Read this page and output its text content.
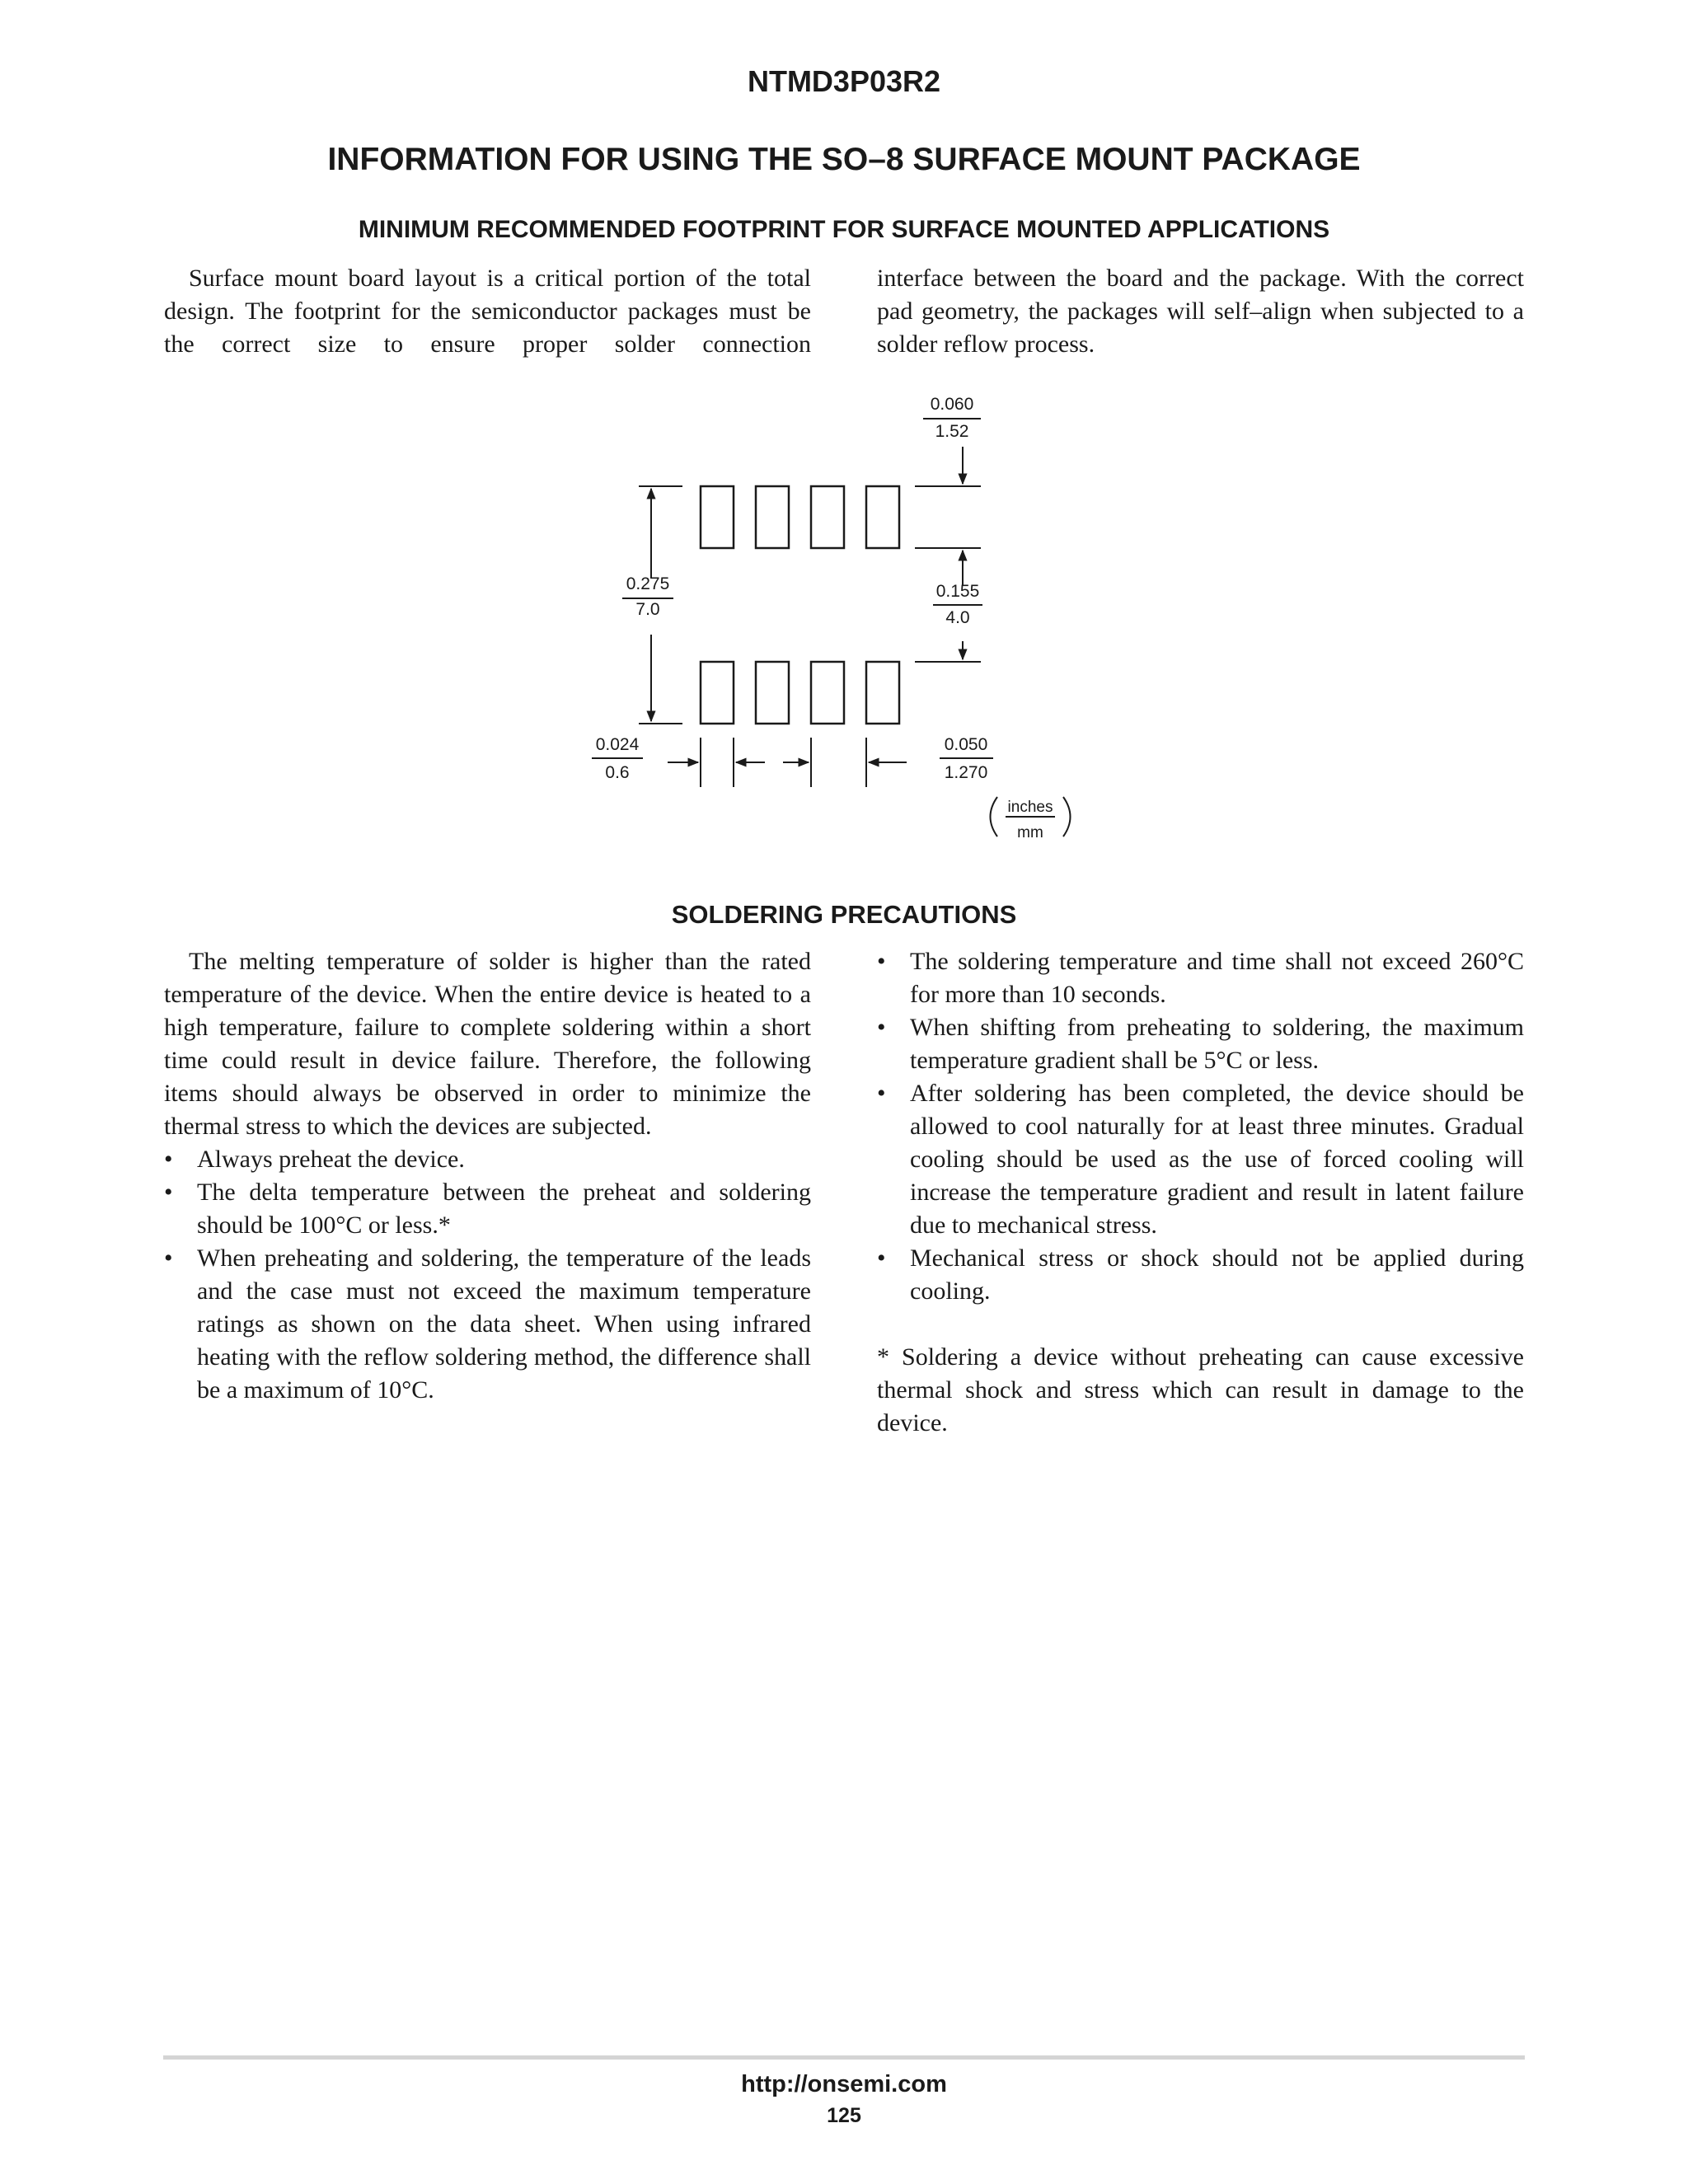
NTMD3P03R2
INFORMATION FOR USING THE SO–8 SURFACE MOUNT PACKAGE
MINIMUM RECOMMENDED FOOTPRINT FOR SURFACE MOUNTED APPLICATIONS

Surface mount board layout is a critical portion of the total design. The footprint for the semiconductor packages must be the correct size to ensure proper solder connection

interface between the board and the package. With the correct pad geometry, the packages will self–align when subjected to a solder reflow process.

0.060
1.52
0.275
7.0
0.155
4.0
0.024
0.6
0.050
1.270
inches
mm
SOLDERING PRECAUTIONS

The melting temperature of solder is higher than the rated temperature of the device. When the entire device is heated to a high temperature, failure to complete soldering within a short time could result in device failure. Therefore, the following items should always be observed in order to minimize the thermal stress to which the devices are subjected.

• Always preheat the device.
• The delta temperature between the preheat and soldering should be 100°C or less.*
• When preheating and soldering, the temperature of the leads and the case must not exceed the maximum temperature ratings as shown on the data sheet. When using infrared heating with the reflow soldering method, the difference shall be a maximum of 10°C.
• The soldering temperature and time shall not exceed 260°C for more than 10 seconds.
• When shifting from preheating to soldering, the maximum temperature gradient shall be 5°C or less.
• After soldering has been completed, the device should be allowed to cool naturally for at least three minutes. Gradual cooling should be used as the use of forced cooling will increase the temperature gradient and result in latent failure due to mechanical stress.
• Mechanical stress or shock should not be applied during cooling.

* Soldering a device without preheating can cause excessive thermal shock and stress which can result in damage to the device.

http://onsemi.com
125
